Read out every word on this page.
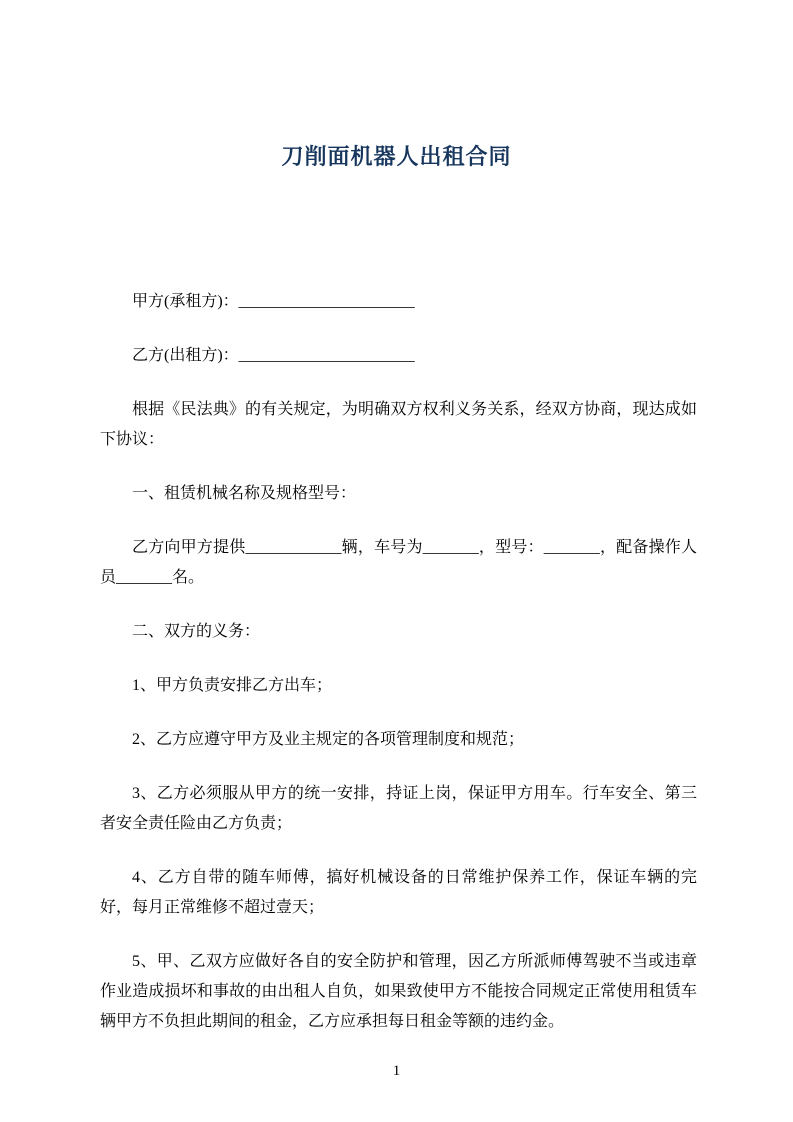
刀削面机器人出租合同

甲方(承租方)：______________________

乙方(出租方)：______________________

根据《民法典》的有关规定，为明确双方权利义务关系，经双方协商，现达成如下协议：

一、租赁机械名称及规格型号：

乙方向甲方提供____________辆，车号为_______，型号：_______，配备操作人员_______名。

二、双方的义务：

1、甲方负责安排乙方出车；

2、乙方应遵守甲方及业主规定的各项管理制度和规范；

3、乙方必须服从甲方的统一安排，持证上岗，保证甲方用车。行车安全、第三者安全责任险由乙方负责；

4、乙方自带的随车师傅，搞好机械设备的日常维护保养工作，保证车辆的完好，每月正常维修不超过壹天；

5、甲、乙双方应做好各自的安全防护和管理，因乙方所派师傅驾驶不当或违章作业造成损坏和事故的由出租人自负，如果致使甲方不能按合同规定正常使用租赁车辆甲方不负担此期间的租金，乙方应承担每日租金等额的违约金。

1
